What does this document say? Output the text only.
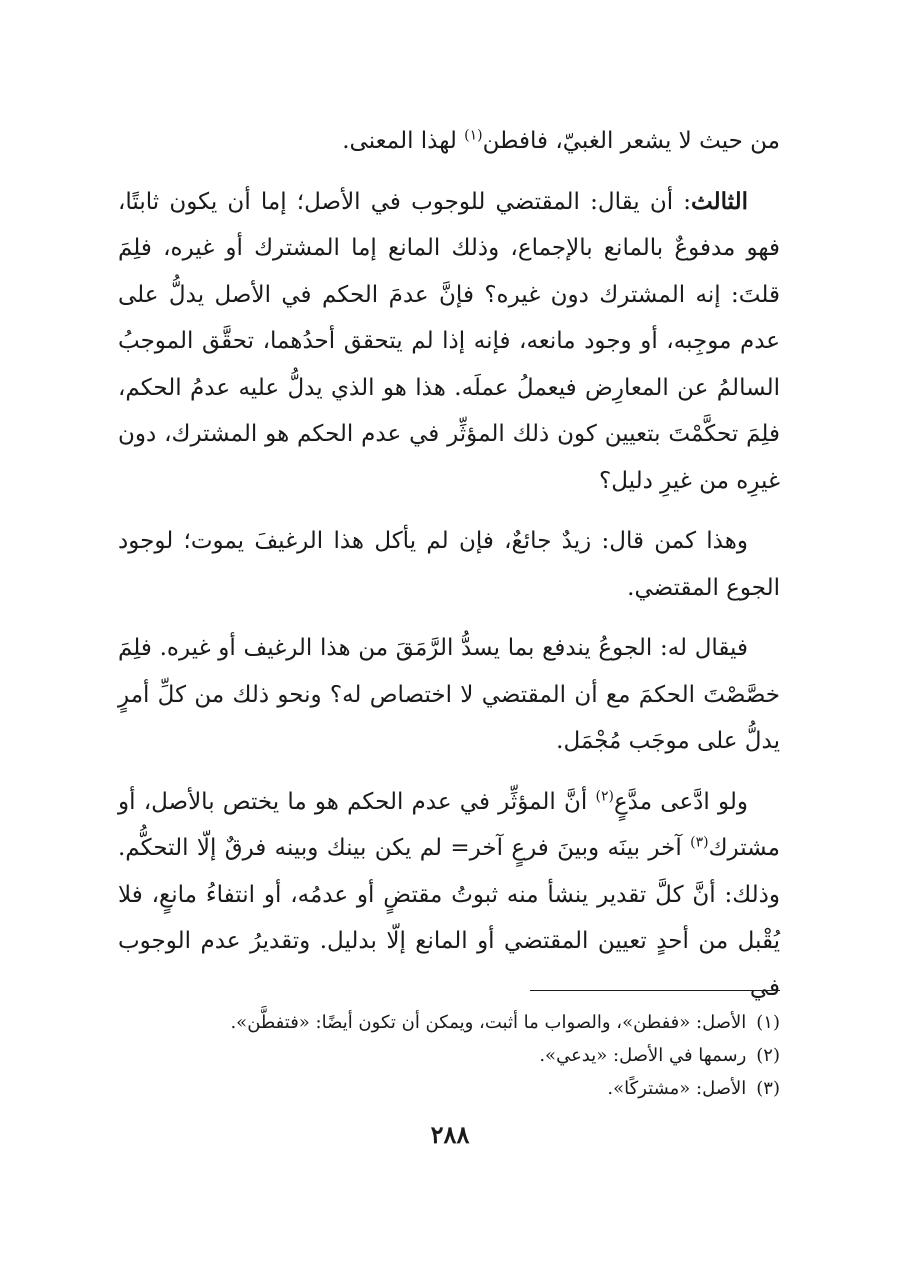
من حيث لا يشعر الغبيّ، فافطن$^{(١)}$ لهذا المعنى.

الثالث: أن يقال: المقتضي للوجوب في الأصل؛ إما أن يكون ثابتًا، فهو مدفوعٌ بالمانع بالإجماع، وذلك المانع إما المشترك أو غيره، فلِمَ قلتَ: إنه المشترك دون غيره؟ فإنَّ عدمَ الحكم في الأصل يدلُّ على عدم موجِبه، أو وجود مانعه، فإنه إذا لم يتحقق أحدُهما، تحقَّق الموجبُ السالمُ عن المعارِض فيعملُ عملَه. هذا هو الذي يدلُّ عليه عدمُ الحكم، فلِمَ تحكَّمْتَ بتعيين كون ذلك المؤثِّر في عدم الحكم هو المشترك، دون غيرِه من غيرِ دليل؟

وهذا كمن قال: زيدٌ جائعٌ، فإن لم يأكل هذا الرغيفَ يموت؛ لوجود الجوع المقتضي.

فيقال له: الجوعُ يندفع بما يسدُّ الرَّمَقَ من هذا الرغيف أو غيره. فلِمَ خصَّصْتَ الحكمَ مع أن المقتضي لا اختصاص له؟ ونحو ذلك من كلِّ أمرٍ يدلُّ على موجَب مُجْمَل.

ولو ادَّعى مدَّعٍ$^{(٢)}$ أنَّ المؤثِّر في عدم الحكم هو ما يختص بالأصل، أو مشترك$^{(٣)}$ آخر بينَه وبينَ فرعٍ آخر= لم يكن بينك وبينه فرقٌ إلّا التحكُّم. وذلك: أنَّ كلَّ تقدير ينشأ منه ثبوتُ مقتضٍ أو عدمُه، أو انتفاءُ مانعٍ، فلا يُقْبل من أحدٍ تعيين المقتضي أو المانع إلّا بدليل. وتقديرُ عدم الوجوب في

(١)الأصل: «ففطن»، والصواب ما أثبت، ويمكن أن تكون أيضًا: «فتفطَّن».

(٢)رسمها في الأصل: «يدعي».

(٣)الأصل: «مشتركًا».

٢٨٨
